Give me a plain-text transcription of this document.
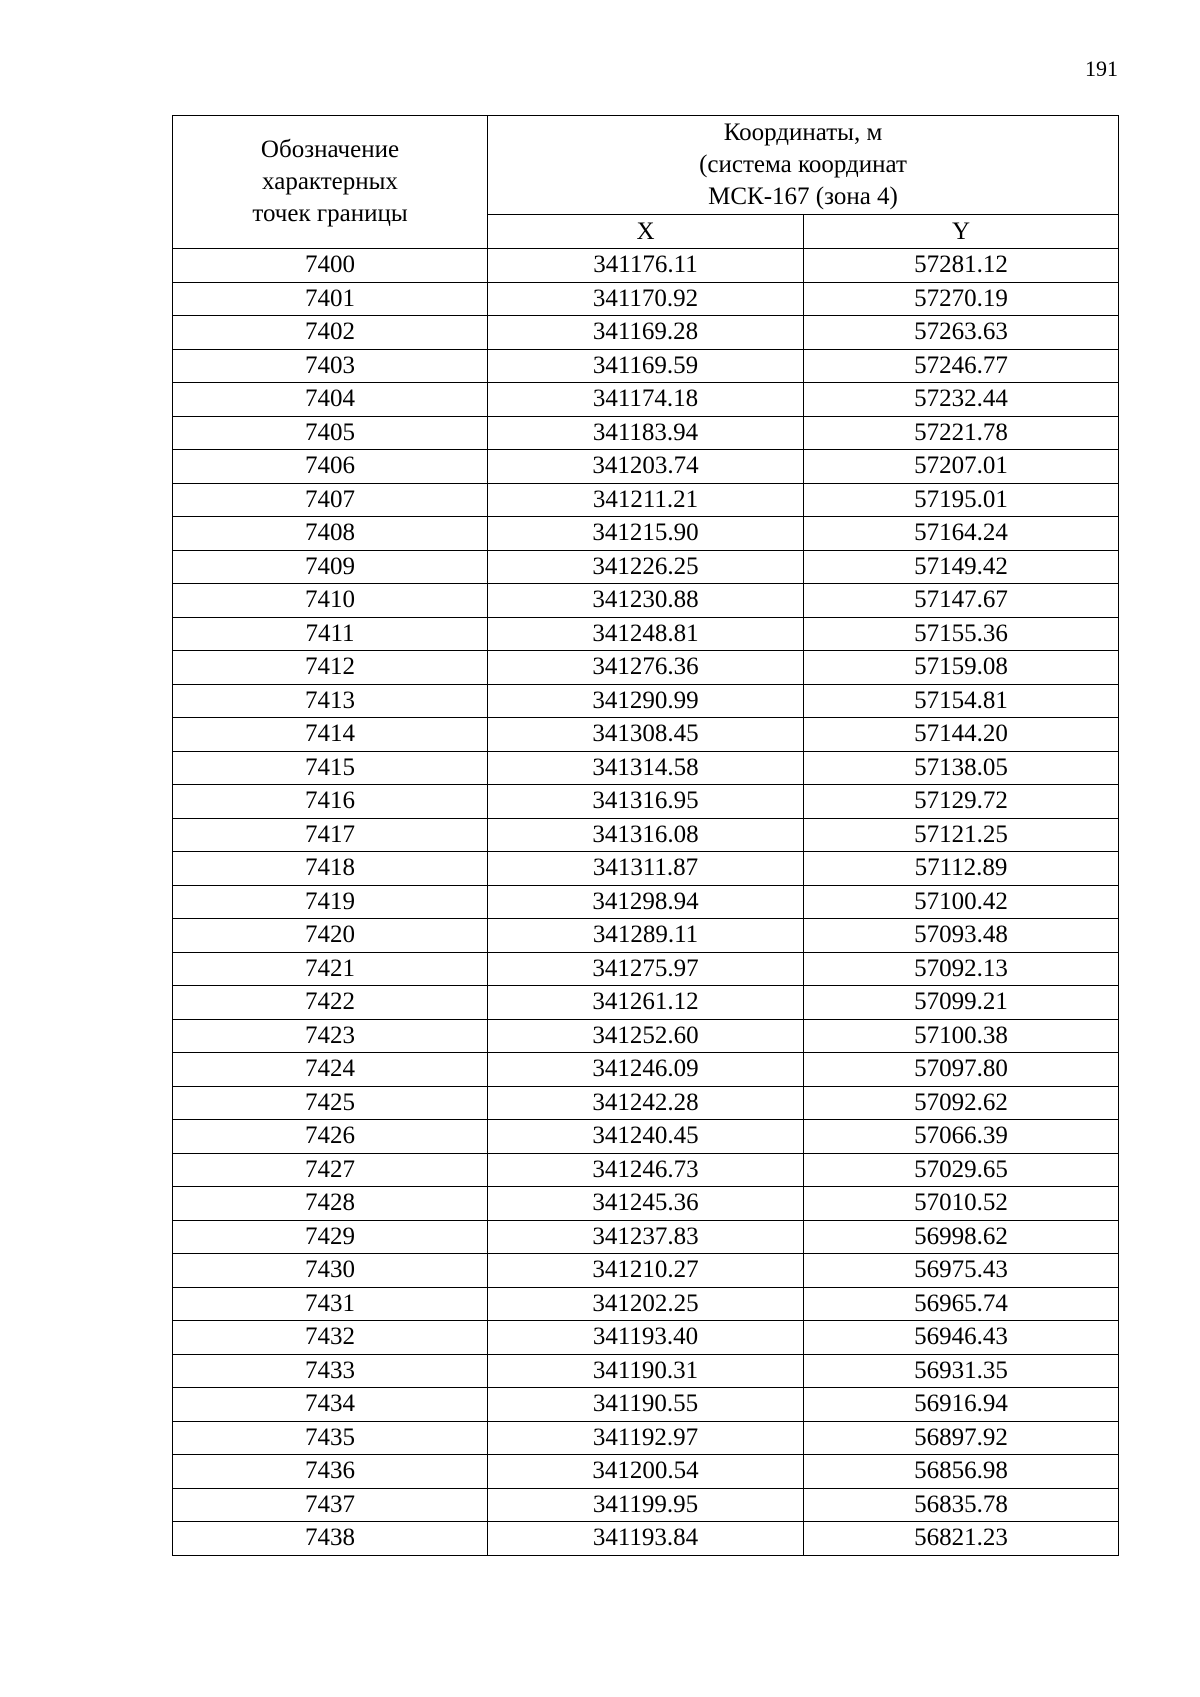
191
Обозначение характерных точек границы	Координаты, м
(система координат
МСК-167 (зона 4)	

	X	Y
7400	341176.11	57281.12
7401	341170.92	57270.19
7402	341169.28	57263.63
7403	341169.59	57246.77
7404	341174.18	57232.44
7405	341183.94	57221.78
7406	341203.74	57207.01
7407	341211.21	57195.01
7408	341215.90	57164.24
7409	341226.25	57149.42
7410	341230.88	57147.67
7411	341248.81	57155.36
7412	341276.36	57159.08
7413	341290.99	57154.81
7414	341308.45	57144.20
7415	341314.58	57138.05
7416	341316.95	57129.72
7417	341316.08	57121.25
7418	341311.87	57112.89
7419	341298.94	57100.42
7420	341289.11	57093.48
7421	341275.97	57092.13
7422	341261.12	57099.21
7423	341252.60	57100.38
7424	341246.09	57097.80
7425	341242.28	57092.62
7426	341240.45	57066.39
7427	341246.73	57029.65
7428	341245.36	57010.52
7429	341237.83	56998.62
7430	341210.27	56975.43
7431	341202.25	56965.74
7432	341193.40	56946.43
7433	341190.31	56931.35
7434	341190.55	56916.94
7435	341192.97	56897.92
7436	341200.54	56856.98
7437	341199.95	56835.78
7438	341193.84	56821.23
